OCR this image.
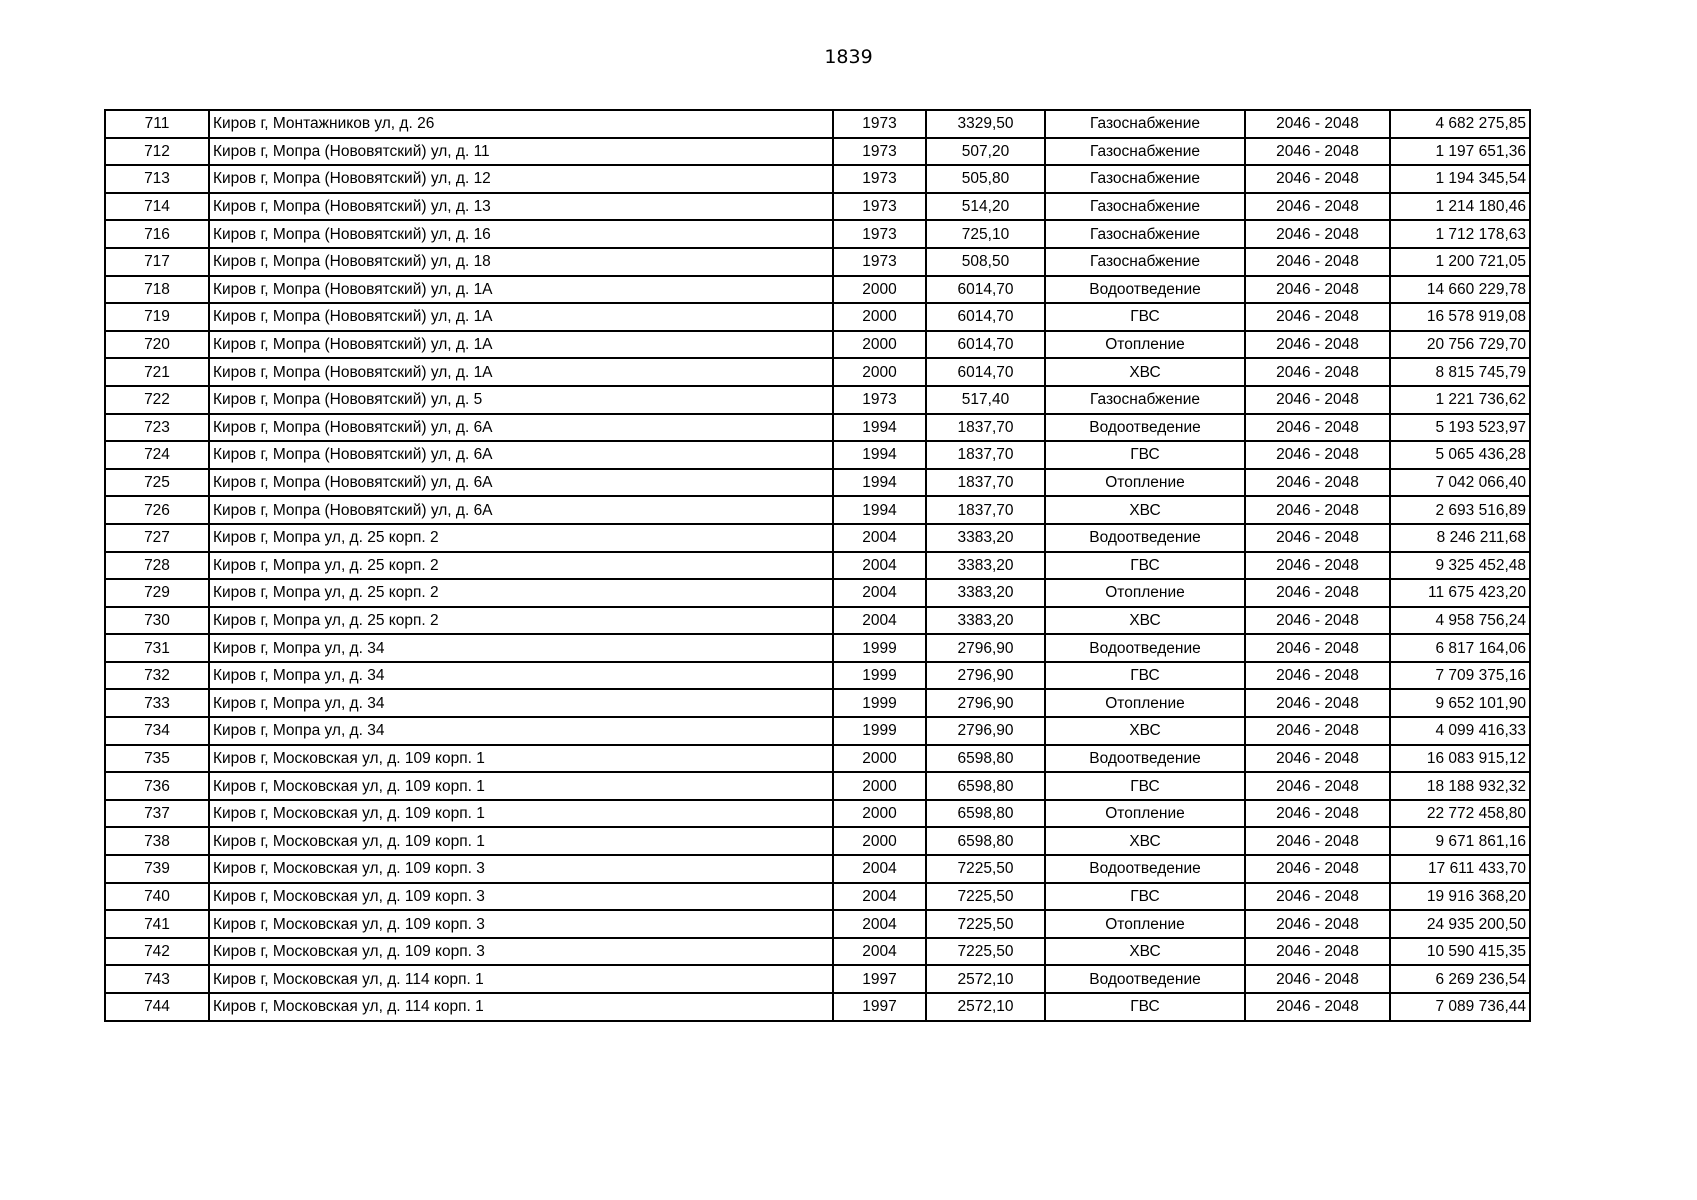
1839
711	Киров г, Монтажников ул, д. 26	1973	3329,50	Газоснабжение	2046 - 2048	4 682 275,85
712	Киров г, Мопра (Нововятский) ул, д. 11	1973	507,20	Газоснабжение	2046 - 2048	1 197 651,36
713	Киров г, Мопра (Нововятский) ул, д. 12	1973	505,80	Газоснабжение	2046 - 2048	1 194 345,54
714	Киров г, Мопра (Нововятский) ул, д. 13	1973	514,20	Газоснабжение	2046 - 2048	1 214 180,46
716	Киров г, Мопра (Нововятский) ул, д. 16	1973	725,10	Газоснабжение	2046 - 2048	1 712 178,63
717	Киров г, Мопра (Нововятский) ул, д. 18	1973	508,50	Газоснабжение	2046 - 2048	1 200 721,05
718	Киров г, Мопра (Нововятский) ул, д. 1А	2000	6014,70	Водоотведение	2046 - 2048	14 660 229,78
719	Киров г, Мопра (Нововятский) ул, д. 1А	2000	6014,70	ГВС	2046 - 2048	16 578 919,08
720	Киров г, Мопра (Нововятский) ул, д. 1А	2000	6014,70	Отопление	2046 - 2048	20 756 729,70
721	Киров г, Мопра (Нововятский) ул, д. 1А	2000	6014,70	ХВС	2046 - 2048	8 815 745,79
722	Киров г, Мопра (Нововятский) ул, д. 5	1973	517,40	Газоснабжение	2046 - 2048	1 221 736,62
723	Киров г, Мопра (Нововятский) ул, д. 6А	1994	1837,70	Водоотведение	2046 - 2048	5 193 523,97
724	Киров г, Мопра (Нововятский) ул, д. 6А	1994	1837,70	ГВС	2046 - 2048	5 065 436,28
725	Киров г, Мопра (Нововятский) ул, д. 6А	1994	1837,70	Отопление	2046 - 2048	7 042 066,40
726	Киров г, Мопра (Нововятский) ул, д. 6А	1994	1837,70	ХВС	2046 - 2048	2 693 516,89
727	Киров г, Мопра ул, д. 25 корп. 2	2004	3383,20	Водоотведение	2046 - 2048	8 246 211,68
728	Киров г, Мопра ул, д. 25 корп. 2	2004	3383,20	ГВС	2046 - 2048	9 325 452,48
729	Киров г, Мопра ул, д. 25 корп. 2	2004	3383,20	Отопление	2046 - 2048	11 675 423,20
730	Киров г, Мопра ул, д. 25 корп. 2	2004	3383,20	ХВС	2046 - 2048	4 958 756,24
731	Киров г, Мопра ул, д. 34	1999	2796,90	Водоотведение	2046 - 2048	6 817 164,06
732	Киров г, Мопра ул, д. 34	1999	2796,90	ГВС	2046 - 2048	7 709 375,16
733	Киров г, Мопра ул, д. 34	1999	2796,90	Отопление	2046 - 2048	9 652 101,90
734	Киров г, Мопра ул, д. 34	1999	2796,90	ХВС	2046 - 2048	4 099 416,33
735	Киров г, Московская ул, д. 109 корп. 1	2000	6598,80	Водоотведение	2046 - 2048	16 083 915,12
736	Киров г, Московская ул, д. 109 корп. 1	2000	6598,80	ГВС	2046 - 2048	18 188 932,32
737	Киров г, Московская ул, д. 109 корп. 1	2000	6598,80	Отопление	2046 - 2048	22 772 458,80
738	Киров г, Московская ул, д. 109 корп. 1	2000	6598,80	ХВС	2046 - 2048	9 671 861,16
739	Киров г, Московская ул, д. 109 корп. 3	2004	7225,50	Водоотведение	2046 - 2048	17 611 433,70
740	Киров г, Московская ул, д. 109 корп. 3	2004	7225,50	ГВС	2046 - 2048	19 916 368,20
741	Киров г, Московская ул, д. 109 корп. 3	2004	7225,50	Отопление	2046 - 2048	24 935 200,50
742	Киров г, Московская ул, д. 109 корп. 3	2004	7225,50	ХВС	2046 - 2048	10 590 415,35
743	Киров г, Московская ул, д. 114 корп. 1	1997	2572,10	Водоотведение	2046 - 2048	6 269 236,54
744	Киров г, Московская ул, д. 114 корп. 1	1997	2572,10	ГВС	2046 - 2048	7 089 736,44
